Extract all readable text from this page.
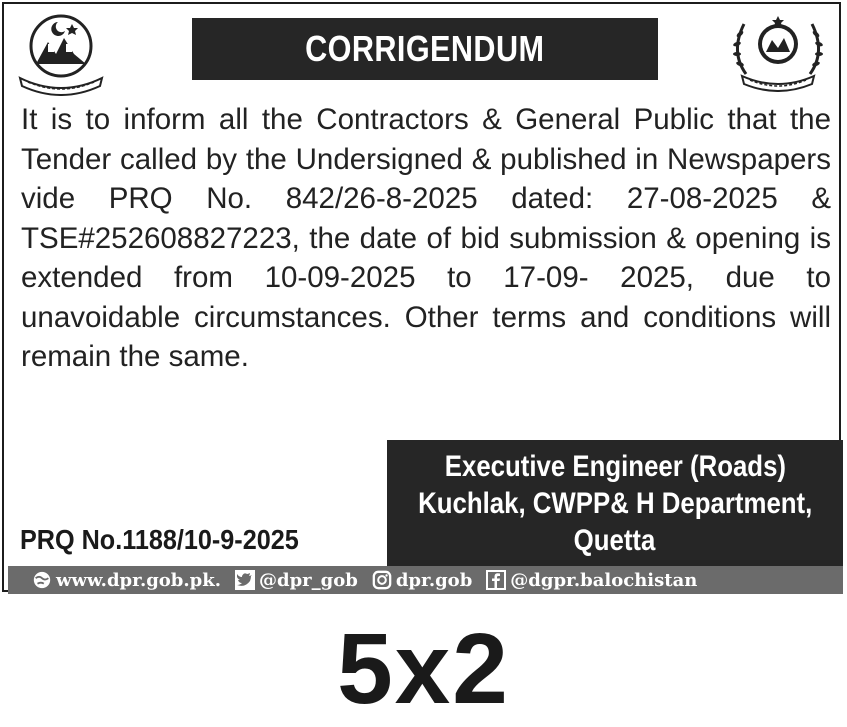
CORRIGENDUM
It is to inform all the Contractors & General Public that the Tender called by the Undersigned & published in Newspapers vide PRQ No. 842/26-8-2025 dated: 27-08-2025 & TSE#252608827223, the date of bid submission & opening is extended from 10-09-2025 to 17-09- 2025, due to unavoidable circumstances. Other terms and conditions will remain the same.
PRQ No.1188/10-9-2025
Executive Engineer (Roads)
Kuchlak, CWPP& H Department,
Quetta
www.dpr.gob.pk. @dpr_gob dpr.gob @dgpr.balochistan
5x2
